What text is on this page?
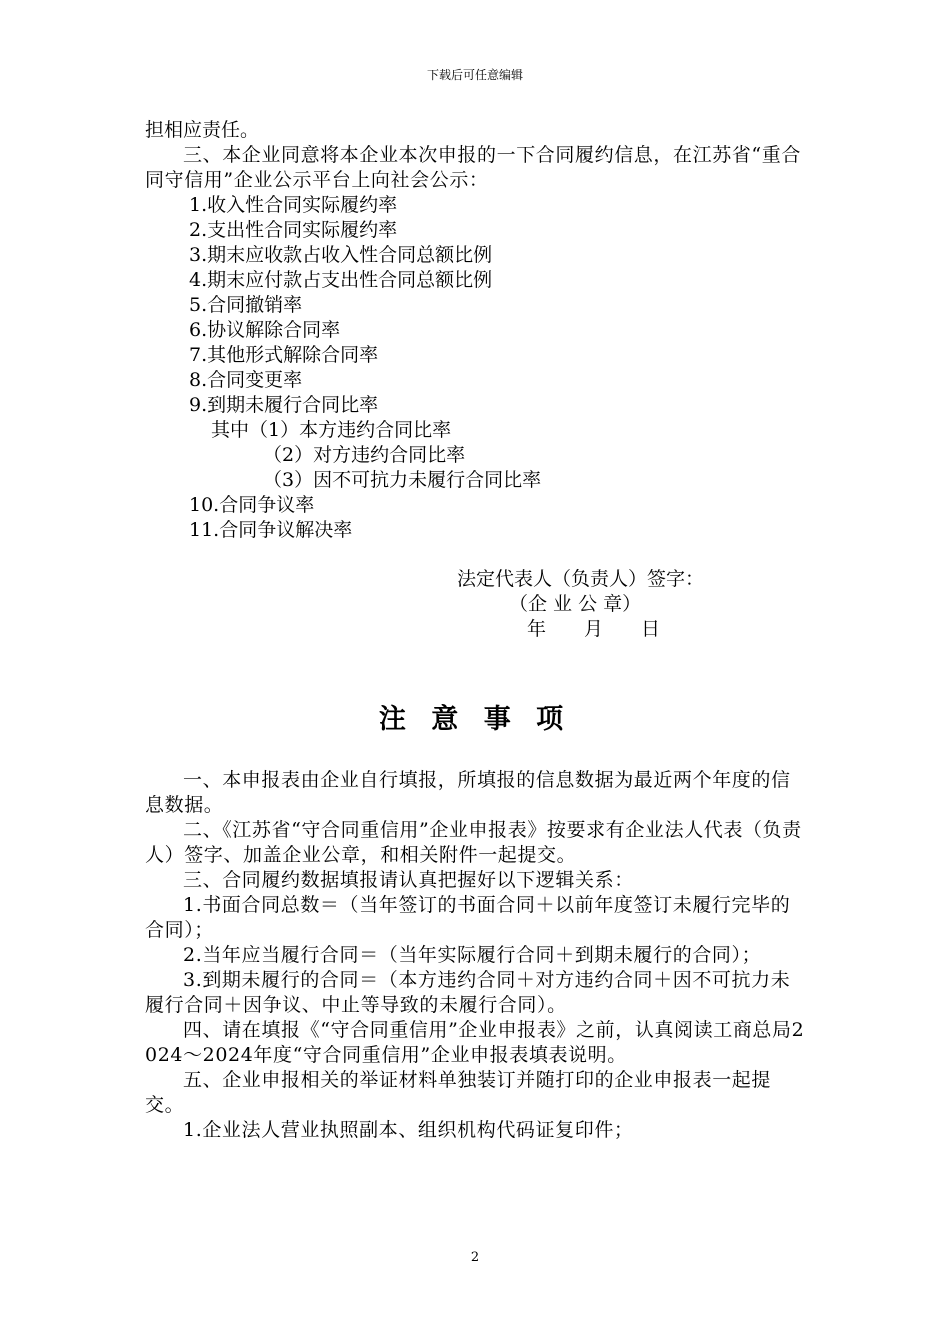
下载后可任意编辑
担相应责任。
三、本企业同意将本企业本次申报的一下合同履约信息，在江苏省“重合同守信用”企业公示平台上向社会公示：
1.收入性合同实际履约率
2.支出性合同实际履约率
3.期末应收款占收入性合同总额比例
4.期末应付款占支出性合同总额比例
5.合同撤销率
6.协议解除合同率
7.其他形式解除合同率
8.合同变更率
9.到期未履行合同比率
其中（1）本方违约合同比率
（2）对方违约合同比率
（3）因不可抗力未履行合同比率
10.合同争议率
11.合同争议解决率
法定代表人（负责人）签字：
（企 业 公 章）
年　　月　　日
注 意 事 项
一、本申报表由企业自行填报，所填报的信息数据为最近两个年度的信息数据。
二、《江苏省“守合同重信用”企业申报表》按要求有企业法人代表（负责人）签字、加盖企业公章，和相关附件一起提交。
三、合同履约数据填报请认真把握好以下逻辑关系：
1.书面合同总数＝（当年签订的书面合同＋以前年度签订未履行完毕的合同）；
2.当年应当履行合同＝（当年实际履行合同＋到期未履行的合同）；
3.到期未履行的合同＝（本方违约合同＋对方违约合同＋因不可抗力未履行合同＋因争议、中止等导致的未履行合同）。
四、请在填报《“守合同重信用”企业申报表》之前，认真阅读工商总局2024～2024年度“守合同重信用”企业申报表填表说明。
五、企业申报相关的举证材料单独装订并随打印的企业申报表一起提交。
1.企业法人营业执照副本、组织机构代码证复印件；
2
